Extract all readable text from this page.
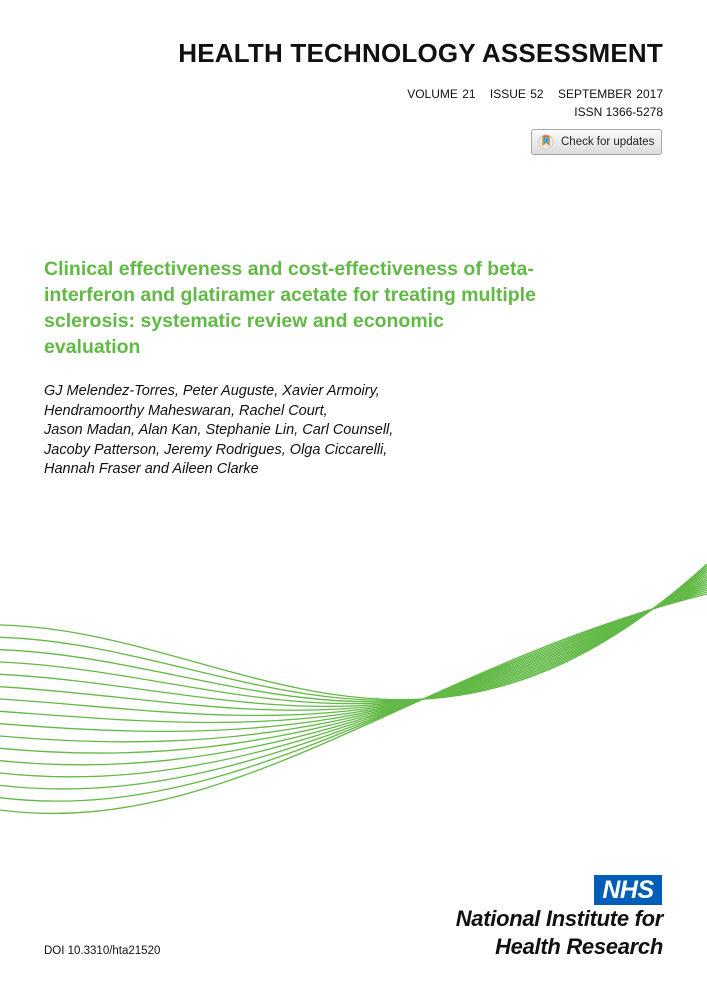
HEALTH TECHNOLOGY ASSESSMENT
VOLUME 21 ISSUE 52 SEPTEMBER 2017
ISSN 1366-5278
Check for updates
Clinical effectiveness and cost-effectiveness of beta-interferon and glatiramer acetate for treating multiple sclerosis: systematic review and economic evaluation
GJ Melendez-Torres, Peter Auguste, Xavier Armoiry,
Hendramoorthy Maheswaran, Rachel Court,
Jason Madan, Alan Kan, Stephanie Lin, Carl Counsell,
Jacoby Patterson, Jeremy Rodrigues, Olga Ciccarelli,
Hannah Fraser and Aileen Clarke
NHS
National Institute for
Health Research
DOI 10.3310/hta21520
